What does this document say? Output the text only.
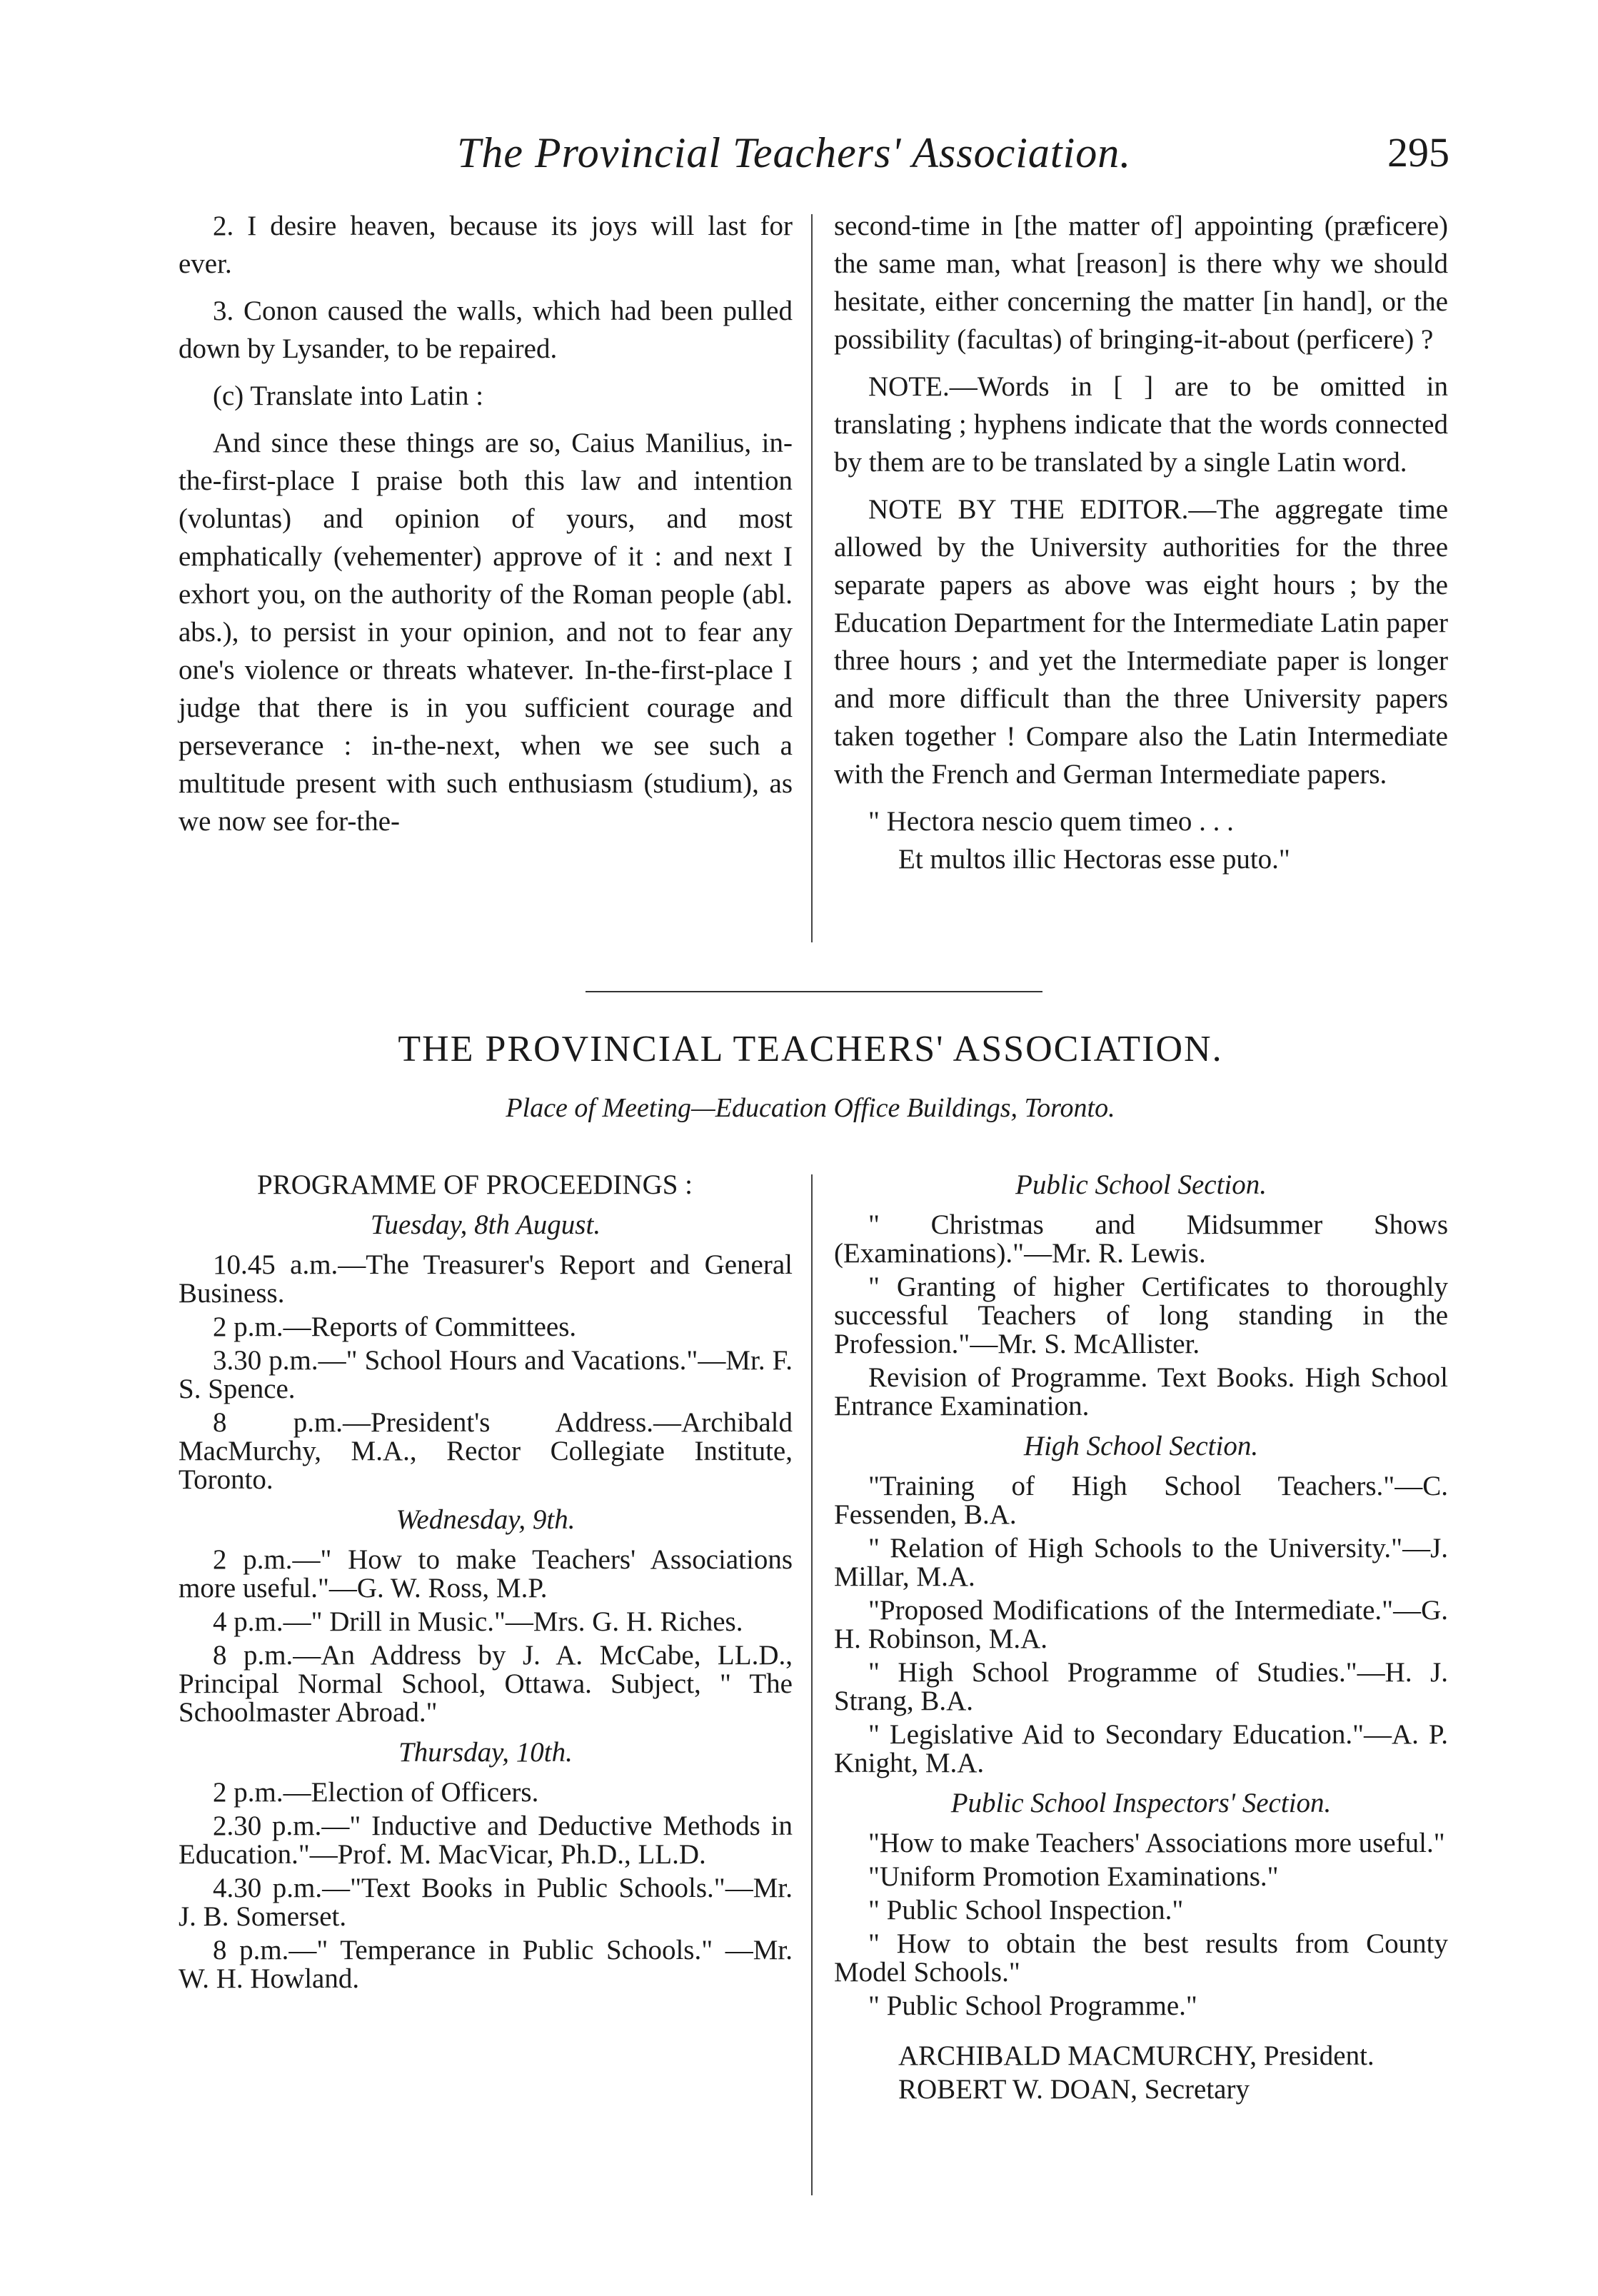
The Provincial Teachers' Association.	295

2. I desire heaven, because its joys will last for ever.

3. Conon caused the walls, which had been pulled down by Lysander, to be repaired.

(c) Translate into Latin :

And since these things are so, Caius Manilius, in-the-first-place I praise both this law and intention (voluntas) and opinion of yours, and most emphatically (vehementer) approve of it : and next I exhort you, on the authority of the Roman people (abl. abs.), to persist in your opinion, and not to fear any one's violence or threats whatever. In-the-first-place I judge that there is in you sufficient courage and perseverance : in-the-next, when we see such a multitude present with such enthusiasm (studium), as we now see for-the-

second-time in [the matter of] appointing (præficere) the same man, what [reason] is there why we should hesitate, either concerning the matter [in hand], or the possibility (facultas) of bringing-it-about (perficere) ?

NOTE.—Words in [ ] are to be omitted in translating ; hyphens indicate that the words connected by them are to be translated by a single Latin word.

NOTE BY THE EDITOR.—The aggregate time allowed by the University authorities for the three separate papers as above was eight hours ; by the Education Department for the Intermediate Latin paper three hours ; and yet the Intermediate paper is longer and more difficult than the three University papers taken together ! Compare also the Latin Intermediate with the French and German Intermediate papers.

" Hectora nescio quem timeo . . .

Et multos illic Hectoras esse puto."

THE PROVINCIAL TEACHERS' ASSOCIATION.
Place of Meeting—Education Office Buildings, Toronto.

PROGRAMME OF PROCEEDINGS :

Tuesday, 8th August.

10.45 a.m.—The Treasurer's Report and General Business.

2 p.m.—Reports of Committees.

3.30 p.m.—" School Hours and Vacations."—Mr. F. S. Spence.

8 p.m.—President's Address.—Archibald MacMurchy, M.A., Rector Collegiate Institute, Toronto.

Wednesday, 9th.

2 p.m.—" How to make Teachers' Associations more useful."—G. W. Ross, M.P.

4 p.m.—" Drill in Music."—Mrs. G. H. Riches.

8 p.m.—An Address by J. A. McCabe, LL.D., Principal Normal School, Ottawa. Subject, " The Schoolmaster Abroad."

Thursday, 10th.

2 p.m.—Election of Officers.

2.30 p.m.—" Inductive and Deductive Methods in Education."—Prof. M. MacVicar, Ph.D., LL.D.

4.30 p.m.—"Text Books in Public Schools."—Mr. J. B. Somerset.

8 p.m.—" Temperance in Public Schools." —Mr. W. H. Howland.

Public School Section.

" Christmas and Midsummer Shows (Examinations)."—Mr. R. Lewis.

" Granting of higher Certificates to thoroughly successful Teachers of long standing in the Profession."—Mr. S. McAllister.

Revision of Programme. Text Books. High School Entrance Examination.

High School Section.

"Training of High School Teachers."—C. Fessenden, B.A.

" Relation of High Schools to the University."—J. Millar, M.A.

"Proposed Modifications of the Intermediate."—G. H. Robinson, M.A.

" High School Programme of Studies."—H. J. Strang, B.A.

" Legislative Aid to Secondary Education."—A. P. Knight, M.A.

Public School Inspectors' Section.

"How to make Teachers' Associations more useful."

"Uniform Promotion Examinations."

" Public School Inspection."

" How to obtain the best results from County Model Schools."

" Public School Programme."

ARCHIBALD MACMURCHY, President.

ROBERT W. DOAN, Secretary
